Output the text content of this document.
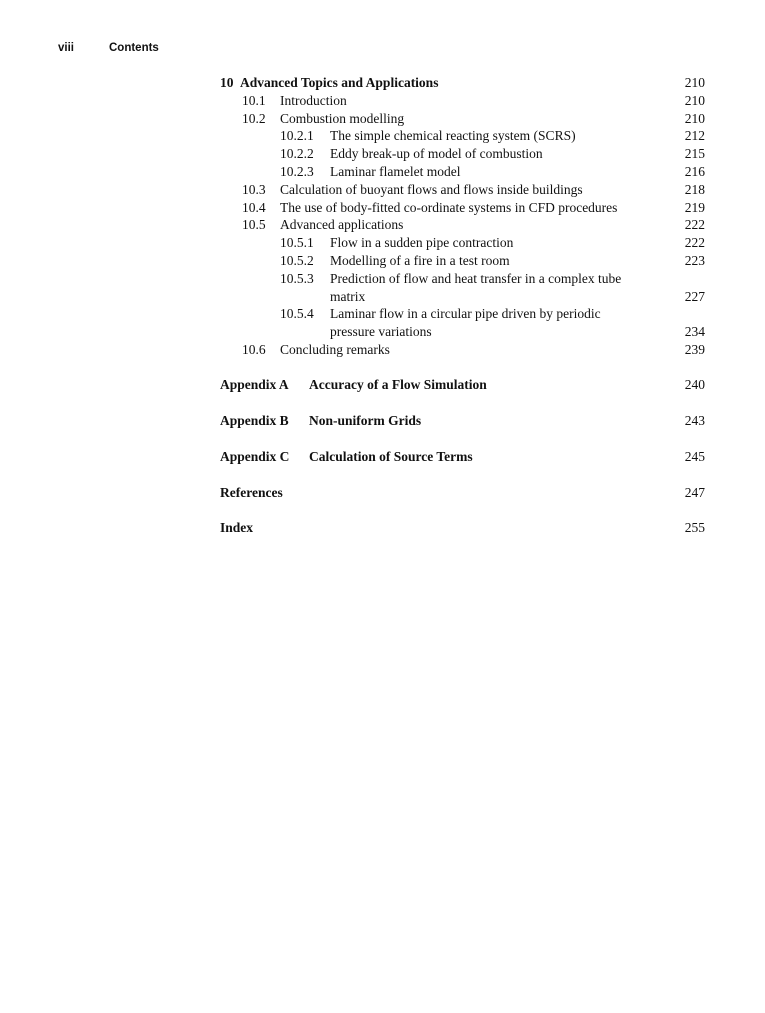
viii	Contents
10 Advanced Topics and Applications	210
10.1 Introduction	210
10.2 Combustion modelling	210
10.2.1 The simple chemical reacting system (SCRS)	212
10.2.2 Eddy break-up of model of combustion	215
10.2.3 Laminar flamelet model	216
10.3 Calculation of buoyant flows and flows inside buildings	218
10.4 The use of body-fitted co-ordinate systems in CFD procedures	219
10.5 Advanced applications	222
10.5.1 Flow in a sudden pipe contraction	222
10.5.2 Modelling of a fire in a test room	223
10.5.3 Prediction of flow and heat transfer in a complex tube
matrix	227
10.5.4 Laminar flow in a circular pipe driven by periodic
pressure variations	234
10.6 Concluding remarks	239
Appendix A Accuracy of a Flow Simulation	240
Appendix B Non-uniform Grids	243
Appendix C Calculation of Source Terms	245
References	247
Index	255
